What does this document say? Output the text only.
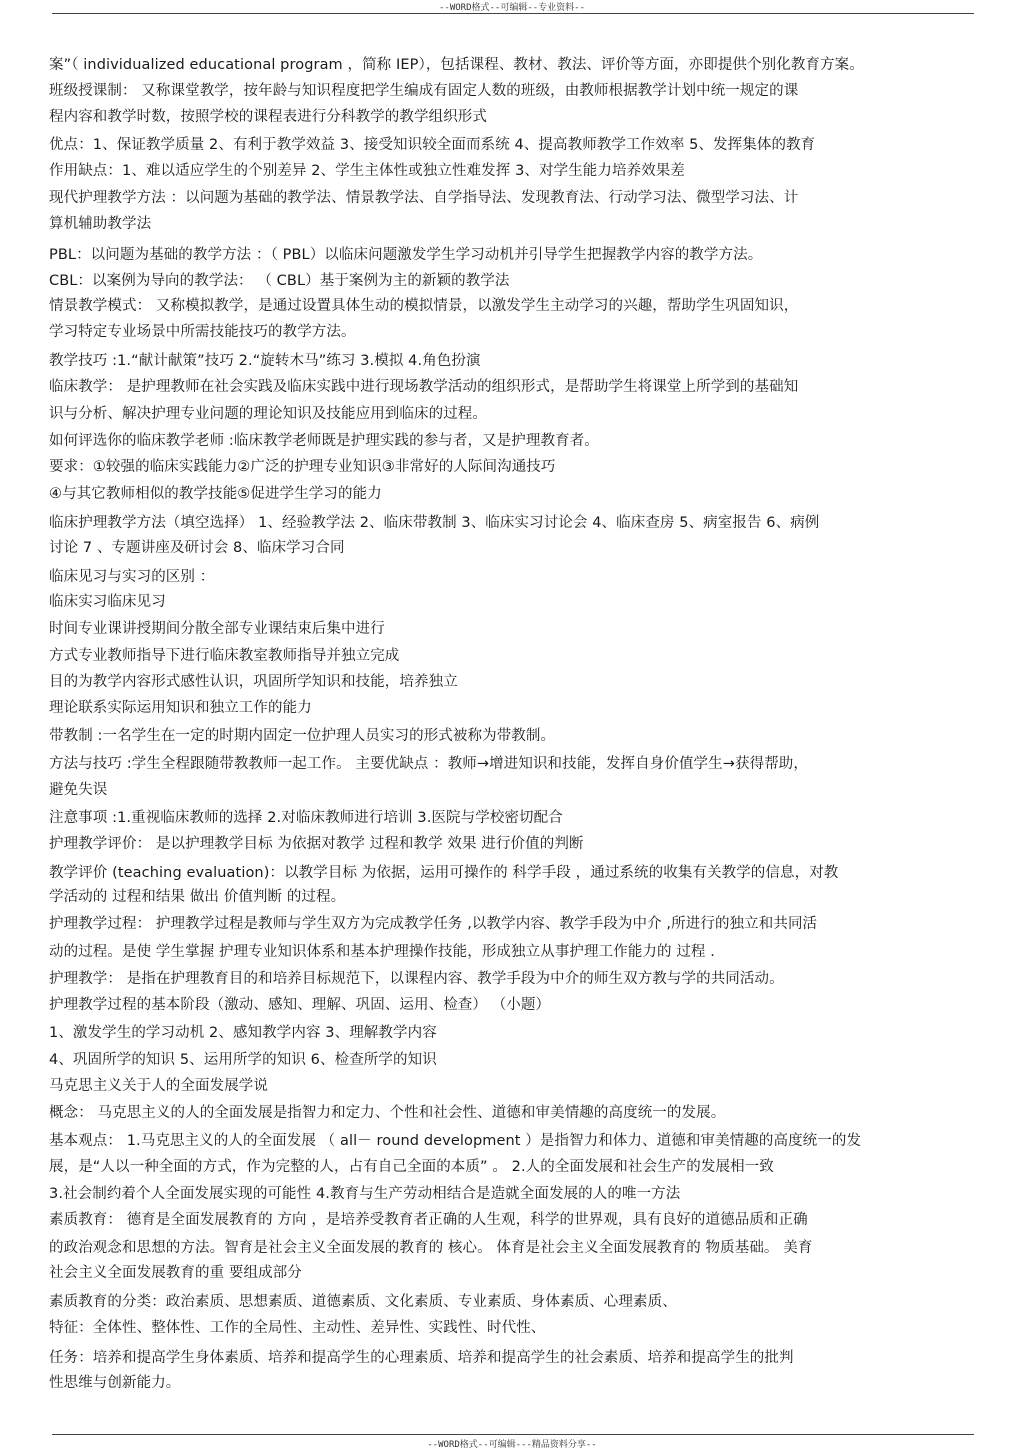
--WORD格式--可编辑--专业资料--
案”（ individualized educational program ，简称 IEP），包括课程、教材、教法、评价等方面，亦即提供个别化教育方案。
班级授课制： 又称课堂教学，按年龄与知识程度把学生编成有固定人数的班级，由教师根据教学计划中统一规定的课
程内容和教学时数，按照学校的课程表进行分科教学的教学组织形式
优点：1、保证教学质量 2、有利于教学效益 3、接受知识较全面而系统 4、提高教师教学工作效率 5、发挥集体的教育
作用缺点：1、难以适应学生的个别差异 2、学生主体性或独立性难发挥 3、对学生能力培养效果差
现代护理教学方法 ：以问题为基础的教学法、情景教学法、自学指导法、发现教育法、行动学习法、微型学习法、计
算机辅助教学法
PBL：以问题为基础的教学方法 ：（ PBL）以临床问题激发学生学习动机并引导学生把握教学内容的教学方法。
CBL：以案例为导向的教学法： （ CBL）基于案例为主的新颖的教学法
情景教学模式： 又称模拟教学，是通过设置具体生动的模拟情景，以激发学生主动学习的兴趣，帮助学生巩固知识，
学习特定专业场景中所需技能技巧的教学方法。
教学技巧 :1.“献计献策”技巧 2.“旋转木马”练习 3.模拟 4.角色扮演
临床教学： 是护理教师在社会实践及临床实践中进行现场教学活动的组织形式，是帮助学生将课堂上所学到的基础知
识与分析、解决护理专业问题的理论知识及技能应用到临床的过程。
如何评选你的临床教学老师 :临床教学老师既是护理实践的参与者，又是护理教育者。
要求：①较强的临床实践能力②广泛的护理专业知识③非常好的人际间沟通技巧
④与其它教师相似的教学技能⑤促进学生学习的能力
临床护理教学方法（填空选择） 1、经验教学法 2、临床带教制 3、临床实习讨论会 4、临床查房 5、病室报告 6、病例
讨论 7 、专题讲座及研讨会 8、临床学习合同
临床见习与实习的区别 ：
临床实习临床见习
时间专业课讲授期间分散全部专业课结束后集中进行
方式专业教师指导下进行临床教室教师指导并独立完成
目的为教学内容形式感性认识，巩固所学知识和技能，培养独立
理论联系实际运用知识和独立工作的能力
带教制 :一名学生在一定的时期内固定一位护理人员实习的形式被称为带教制。
方法与技巧 :学生全程跟随带教教师一起工作。 主要优缺点 ：教师→增进知识和技能，发挥自身价值学生→获得帮助，
避免失误
注意事项 :1.重视临床教师的选择 2.对临床教师进行培训 3.医院与学校密切配合
护理教学评价： 是以护理教学目标 为依据对教学 过程和教学 效果 进行价值的判断
教学评价 (teaching evaluation)：以教学目标 为依据，运用可操作的 科学手段 ，通过系统的收集有关教学的信息，对教
学活动的 过程和结果 做出 价值判断 的过程。
护理教学过程： 护理教学过程是教师与学生双方为完成教学任务 ,以教学内容、教学手段为中介 ,所进行的独立和共同活
动的过程。是使 学生掌握 护理专业知识体系和基本护理操作技能，形成独立从事护理工作能力的 过程 .
护理教学： 是指在护理教育目的和培养目标规范下，以课程内容、教学手段为中介的师生双方教与学的共同活动。
护理教学过程的基本阶段（激动、感知、理解、巩固、运用、检查） （小题）
1、激发学生的学习动机 2、感知教学内容 3、理解教学内容
4、巩固所学的知识 5、运用所学的知识 6、检查所学的知识
马克思主义关于人的全面发展学说
概念： 马克思主义的人的全面发展是指智力和定力、个性和社会性、道德和审美情趣的高度统一的发展。
基本观点： 1.马克思主义的人的全面发展 （ all－ round development ）是指智力和体力、道德和审美情趣的高度统一的发
展，是“人以一种全面的方式，作为完整的人，占有自己全面的本质” 。 2.人的全面发展和社会生产的发展相一致
3.社会制约着个人全面发展实现的可能性 4.教育与生产劳动相结合是造就全面发展的人的唯一方法
素质教育： 德育是全面发展教育的 方向 ，是培养受教育者正确的人生观，科学的世界观，具有良好的道德品质和正确
的政治观念和思想的方法。智育是社会主义全面发展的教育的 核心。 体育是社会主义全面发展教育的 物质基础。 美育
社会主义全面发展教育的重 要组成部分
素质教育的分类：政治素质、思想素质、道德素质、文化素质、专业素质、身体素质、心理素质、
特征：全体性、整体性、工作的全局性、主动性、差异性、实践性、时代性、
任务：培养和提高学生身体素质、培养和提高学生的心理素质、培养和提高学生的社会素质、培养和提高学生的批判
性思维与创新能力。
--WORD格式--可编辑---精品资料分享--
